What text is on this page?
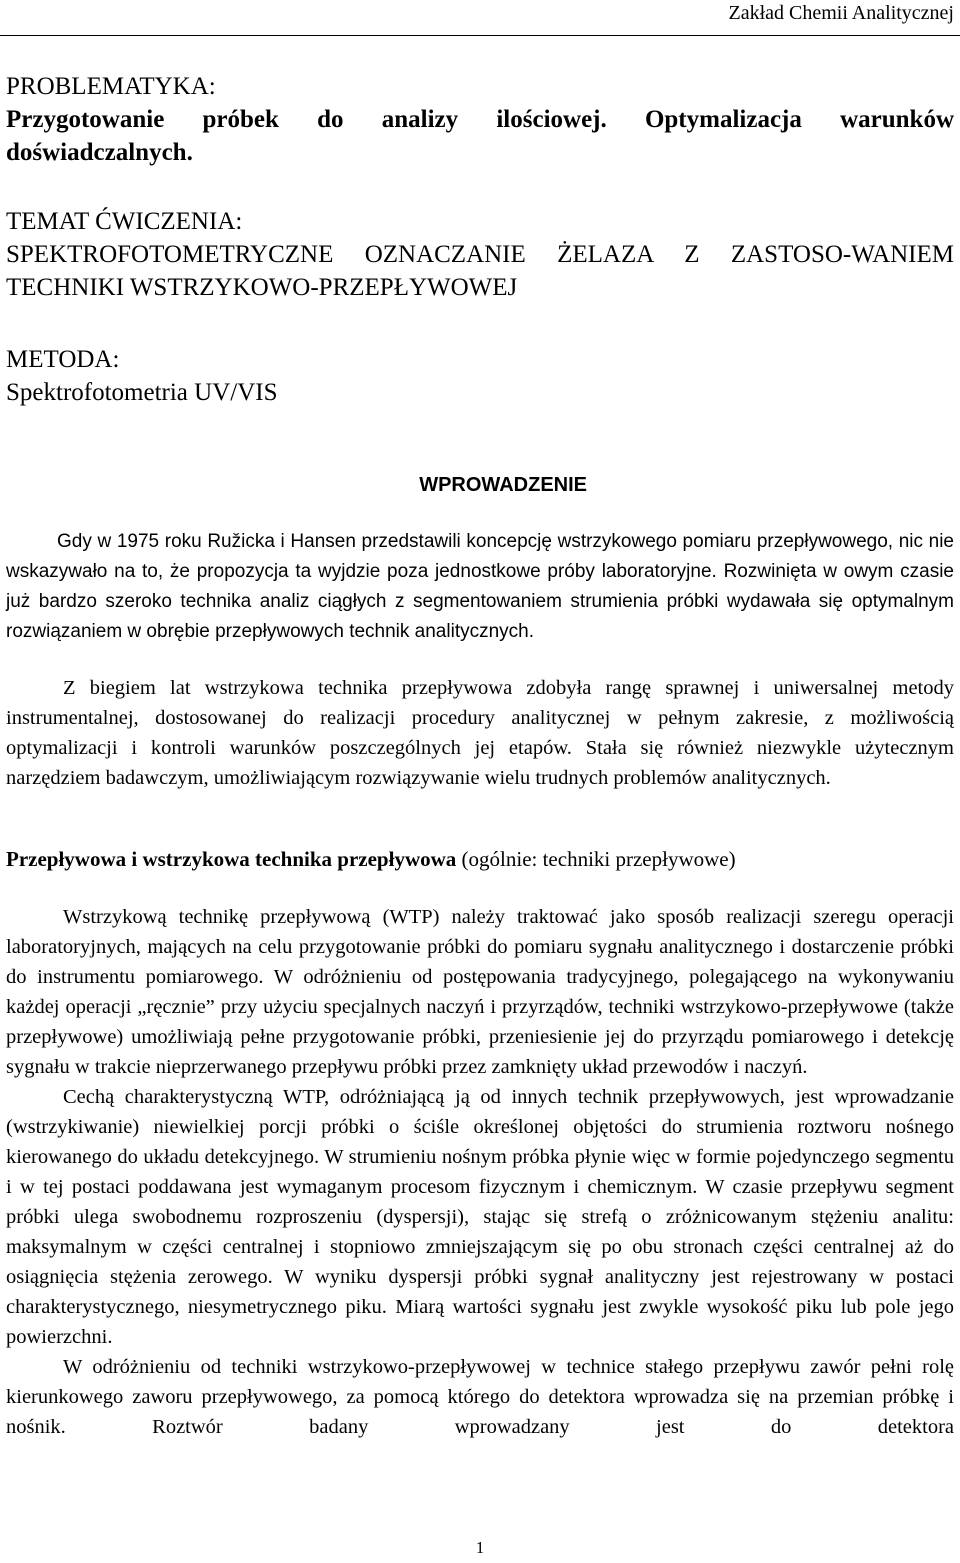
Zakład Chemii Analitycznej
PROBLEMATYKA:
Przygotowanie próbek do analizy ilościowej. Optymalizacja warunków doświadczalnych.
TEMAT ĆWICZENIA:
SPEKTROFOTOMETRYCZNE OZNACZANIE ŻELAZA Z ZASTOSO-WANIEM TECHNIKI WSTRZYKOWO-PRZEPŁYWOWEJ
METODA:
Spektrofotometria UV/VIS
WPROWADZENIE

Gdy w 1975 roku Ružicka i Hansen przedstawili koncepcję wstrzykowego pomiaru przepływowego, nic nie wskazywało na to, że propozycja ta wyjdzie poza jednostkowe próby laboratoryjne. Rozwinięta w owym czasie już bardzo szeroko technika analiz ciągłych z segmentowaniem strumienia próbki wydawała się optymalnym rozwiązaniem w obrębie przepływowych technik analitycznych.

Z biegiem lat wstrzykowa technika przepływowa zdobyła rangę sprawnej i uniwersalnej metody instrumentalnej, dostosowanej do realizacji procedury analitycznej w pełnym zakresie, z możliwością optymalizacji i kontroli warunków poszczególnych jej etapów. Stała się również niezwykle użytecznym narzędziem badawczym, umożliwiającym rozwiązywanie wielu trudnych problemów analitycznych.

Przepływowa i wstrzykowa technika przepływowa (ogólnie: techniki przepływowe)

Wstrzykową technikę przepływową (WTP) należy traktować jako sposób realizacji szeregu operacji laboratoryjnych, mających na celu przygotowanie próbki do pomiaru sygnału analitycznego i dostarczenie próbki do instrumentu pomiarowego. W odróżnieniu od postępowania tradycyjnego, polegającego na wykonywaniu każdej operacji „ręcznie” przy użyciu specjalnych naczyń i przyrządów, techniki wstrzykowo-przepływowe (także przepływowe) umożliwiają pełne przygotowanie próbki, przeniesienie jej do przyrządu pomiarowego i detekcję sygnału w trakcie nieprzerwanego przepływu próbki przez zamknięty układ przewodów i naczyń.

Cechą charakterystyczną WTP, odróżniającą ją od innych technik przepływowych, jest wprowadzanie (wstrzykiwanie) niewielkiej porcji próbki o ściśle określonej objętości do strumienia roztworu nośnego kierowanego do układu detekcyjnego. W strumieniu nośnym próbka płynie więc w formie pojedynczego segmentu i w tej postaci poddawana jest wymaganym procesom fizycznym i chemicznym. W czasie przepływu segment próbki ulega swobodnemu rozproszeniu (dyspersji), stając się strefą o zróżnicowanym stężeniu analitu: maksymalnym w części centralnej i stopniowo zmniejszającym się po obu stronach części centralnej aż do osiągnięcia stężenia zerowego. W wyniku dyspersji próbki sygnał analityczny jest rejestrowany w postaci charakterystycznego, niesymetrycznego piku. Miarą wartości sygnału jest zwykle wysokość piku lub pole jego powierzchni.

W odróżnieniu od techniki wstrzykowo-przepływowej w technice stałego przepływu zawór pełni rolę kierunkowego zaworu przepływowego, za pomocą którego do detektora wprowadza się na przemian próbkę i nośnik. Roztwór badany wprowadzany jest do detektora

1
